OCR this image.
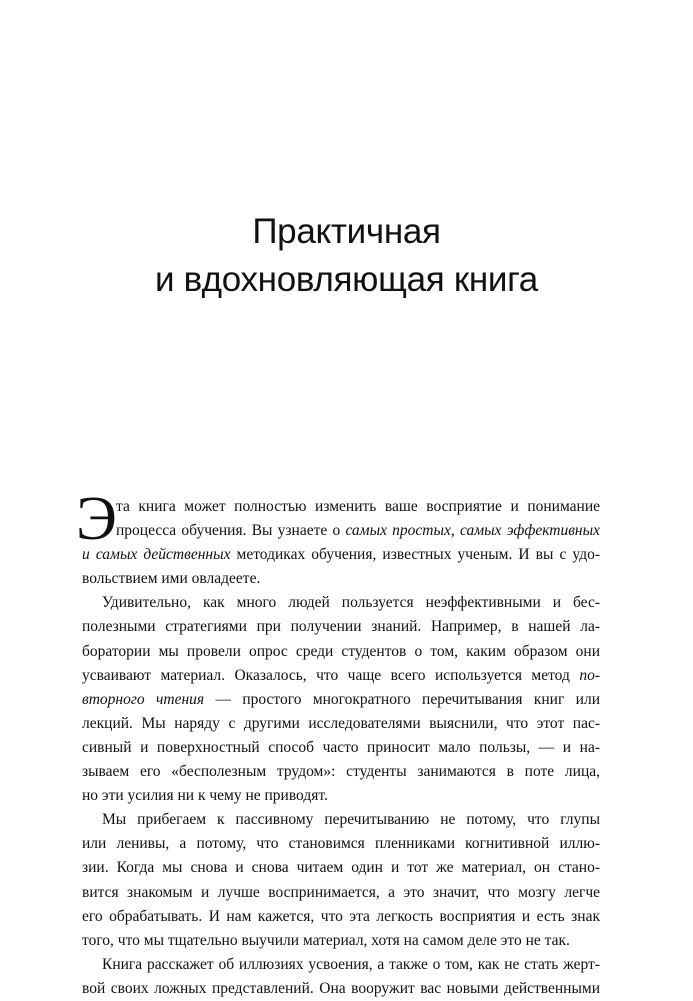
Практичная
и вдохновляющая книга
Э та книга может полностью изменить ваше восприятие и понимание
процесса обучения. Вы узнаете о самых простых, самых эффективных
и самых действенных методиках обучения, известных ученым. И вы с удо-
вольствием ими овладеете.
Удивительно, как много людей пользуется неэффективными и бес-
полезными стратегиями при получении знаний. Например, в нашей ла-
боратории мы провели опрос среди студентов о том, каким образом они
усваивают материал. Оказалось, что чаще всего используется метод по-
вторного чтения — простого многократного перечитывания книг или
лекций. Мы наряду с другими исследователями выяснили, что этот пас-
сивный и поверхностный способ часто приносит мало пользы, — и на-
зываем его «бесполезным трудом»: студенты занимаются в поте лица,
но эти усилия ни к чему не приводят.
Мы прибегаем к пассивному перечитыванию не потому, что глупы
или ленивы, а потому, что становимся пленниками когнитивной иллю-
зии. Когда мы снова и снова читаем один и тот же материал, он стано-
вится знакомым и лучше воспринимается, а это значит, что мозгу легче
его обрабатывать. И нам кажется, что эта легкость восприятия и есть знак
того, что мы тщательно выучили материал, хотя на самом деле это не так.
Книга расскажет об иллюзиях усвоения, а также о том, как не стать жерт-
вой своих ложных представлений. Она вооружит вас новыми действенными
